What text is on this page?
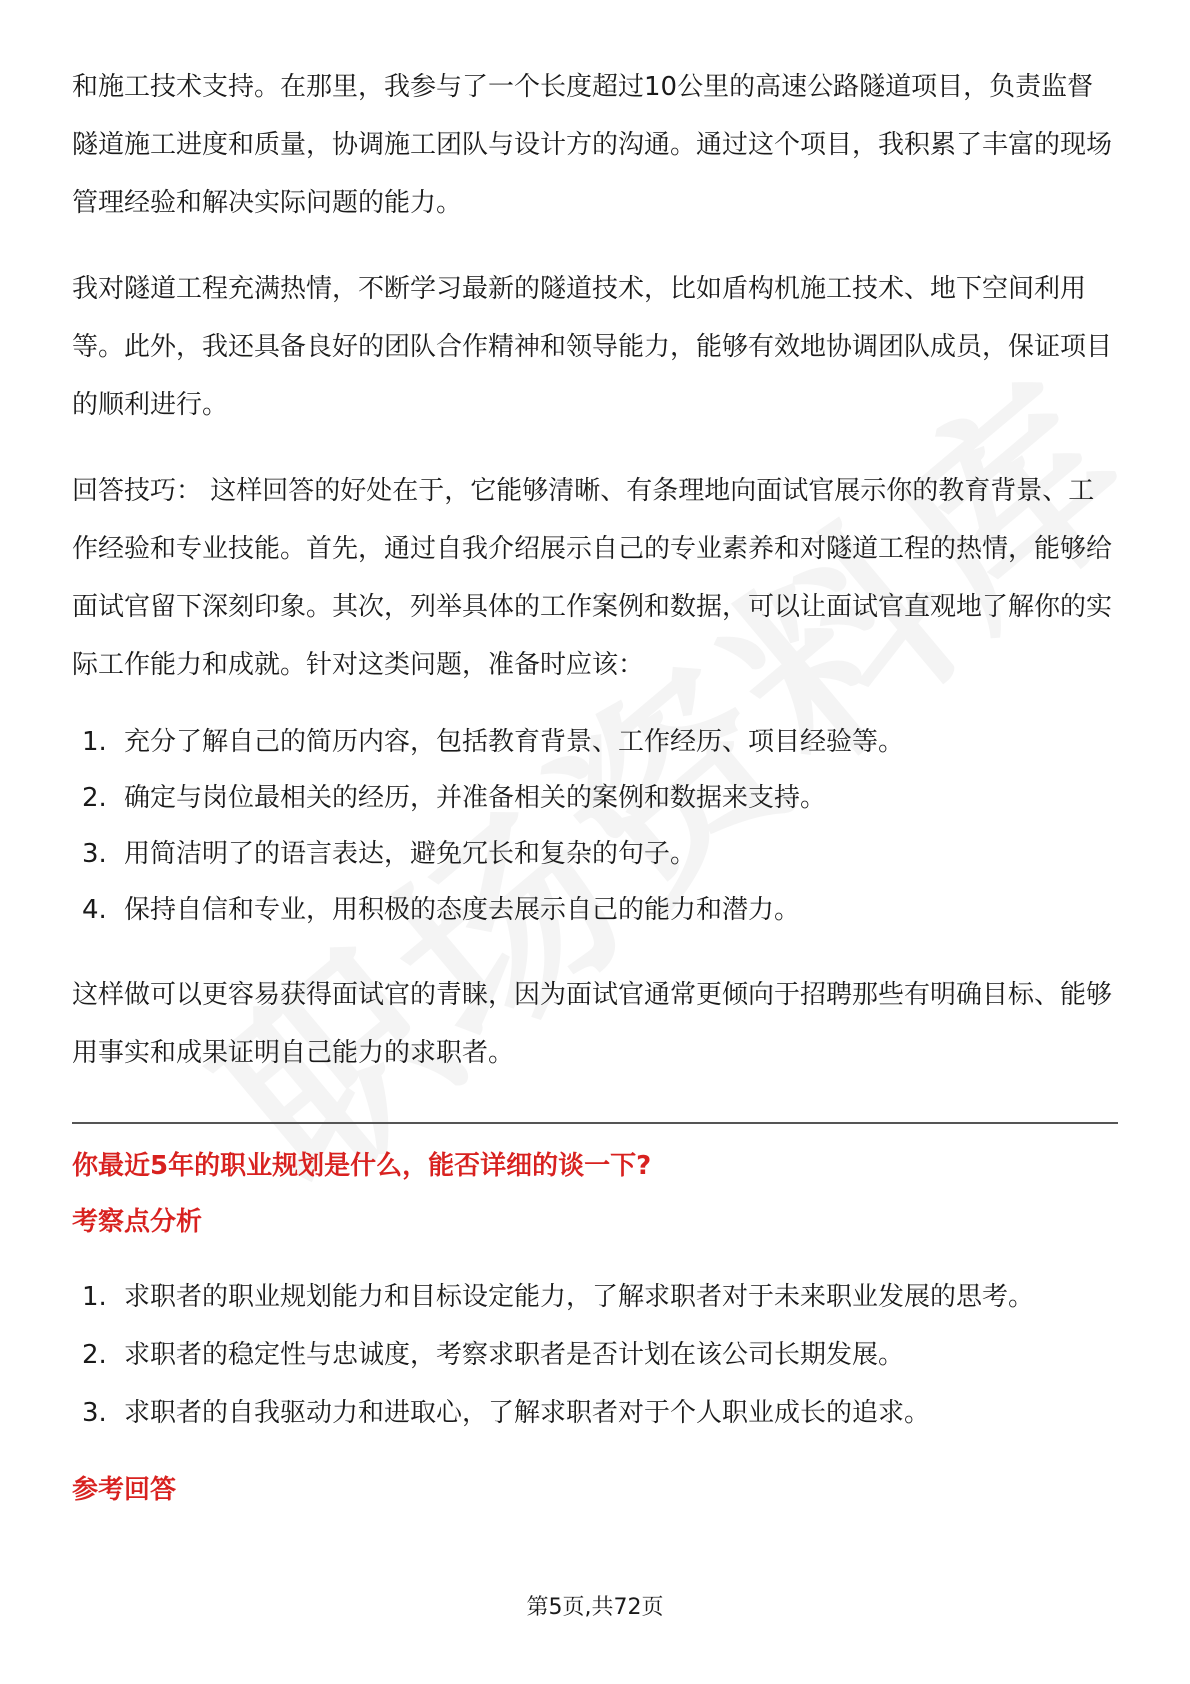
和施工技术支持。在那里，我参与了一个长度超过10公里的高速公路隧道项目，负责监督隧道施工进度和质量，协调施工团队与设计方的沟通。通过这个项目，我积累了丰富的现场管理经验和解决实际问题的能力。

我对隧道工程充满热情，不断学习最新的隧道技术，比如盾构机施工技术、地下空间利用等。此外，我还具备良好的团队合作精神和领导能力，能够有效地协调团队成员，保证项目的顺利进行。

回答技巧： 这样回答的好处在于，它能够清晰、有条理地向面试官展示你的教育背景、工作经验和专业技能。首先，通过自我介绍展示自己的专业素养和对隧道工程的热情，能够给面试官留下深刻印象。其次，列举具体的工作案例和数据，可以让面试官直观地了解你的实际工作能力和成就。针对这类问题，准备时应该：

1. 充分了解自己的简历内容，包括教育背景、工作经历、项目经验等。
2. 确定与岗位最相关的经历，并准备相关的案例和数据来支持。
3. 用简洁明了的语言表达，避免冗长和复杂的句子。
4. 保持自信和专业，用积极的态度去展示自己的能力和潜力。

这样做可以更容易获得面试官的青睐，因为面试官通常更倾向于招聘那些有明确目标、能够用事实和成果证明自己能力的求职者。

你最近5年的职业规划是什么，能否详细的谈一下?
考察点分析
1. 求职者的职业规划能力和目标设定能力，了解求职者对于未来职业发展的思考。
2. 求职者的稳定性与忠诚度，考察求职者是否计划在该公司长期发展。
3. 求职者的自我驱动力和进取心，了解求职者对于个人职业成长的追求。
参考回答
第5页,共72页
